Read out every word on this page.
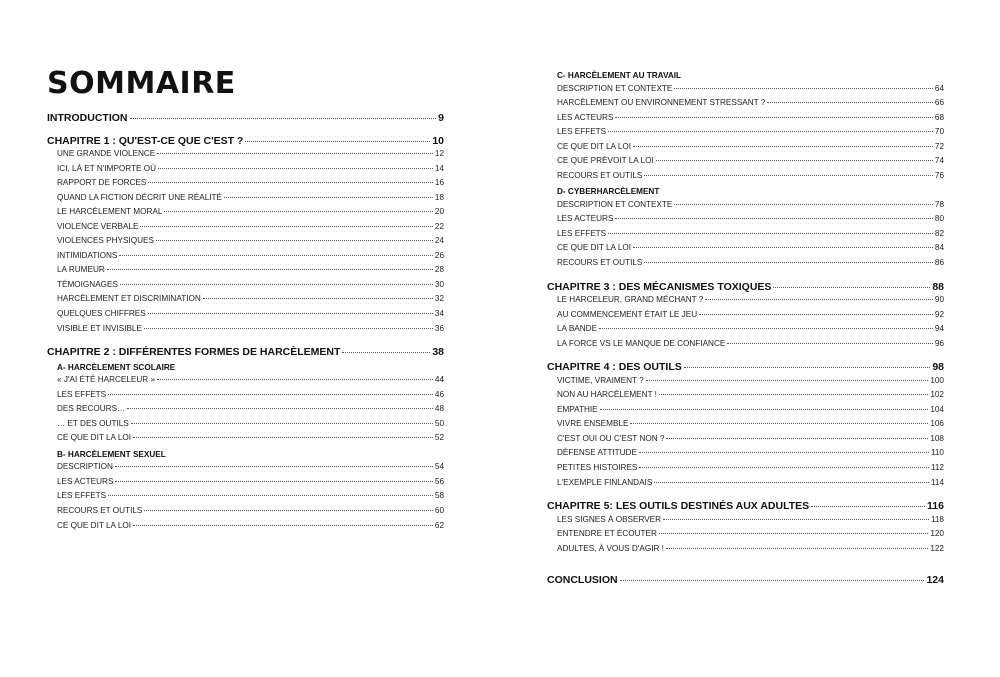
SOMMAIRE
INTRODUCTION	9
CHAPITRE 1 : QU'EST-CE QUE C'EST ?	10
UNE GRANDE VIOLENCE	12
ICI, LÀ ET N'IMPORTE OÙ	14
RAPPORT DE FORCES	16
QUAND LA FICTION DÉCRIT UNE RÉALITÉ	18
LE HARCÈLEMENT MORAL	20
VIOLENCE VERBALE	22
VIOLENCES PHYSIQUES	24
INTIMIDATIONS	26
LA RUMEUR	28
TÉMOIGNAGES	30
HARCÈLEMENT ET DISCRIMINATION	32
QUELQUES CHIFFRES	34
VISIBLE ET INVISIBLE	36
CHAPITRE 2 : DIFFÉRENTES FORMES DE HARCÈLEMENT	38
A- HARCÈLEMENT SCOLAIRE
« J'AI ÉTÉ HARCELEUR »	44
LES EFFETS	46
DES RECOURS…	48
… ET DES OUTILS	50
CE QUE DIT LA LOI	52
B- HARCÈLEMENT SEXUEL
DESCRIPTION	54
LES ACTEURS	56
LES EFFETS	58
RECOURS ET OUTILS	60
CE QUE DIT LA LOI	62
C- HARCÈLEMENT AU TRAVAIL
DESCRIPTION ET CONTEXTE	64
HARCÈLEMENT OU ENVIRONNEMENT STRESSANT ?	66
LES ACTEURS	68
LES EFFETS	70
CE QUE DIT LA LOI	72
CE QUE PRÉVOIT LA LOI	74
RECOURS ET OUTILS	76
D- CYBERHARCÈLEMENT
DESCRIPTION ET CONTEXTE	78
LES ACTEURS	80
LES EFFETS	82
CE QUE DIT LA LOI	84
RECOURS ET OUTILS	86
CHAPITRE 3 : DES MÉCANISMES TOXIQUES	88
LE HARCELEUR, GRAND MÉCHANT ?	90
AU COMMENCEMENT ÉTAIT LE JEU	92
LA BANDE	94
LA FORCE VS LE MANQUE DE CONFIANCE	96
CHAPITRE 4 : DES OUTILS	98
VICTIME, VRAIMENT ?	100
NON AU HARCÈLEMENT !	102
EMPATHIE	104
VIVRE ENSEMBLE	106
C'EST OUI OU C'EST NON ?	108
DÉFENSE ATTITUDE	110
PETITES HISTOIRES	112
L'EXEMPLE FINLANDAIS	114
CHAPITRE 5: LES OUTILS DESTINÉS AUX ADULTES	116
LES SIGNES À OBSERVER	118
ENTENDRE ET ÉCOUTER	120
ADULTES, À VOUS D'AGIR !	122
CONCLUSION	124
